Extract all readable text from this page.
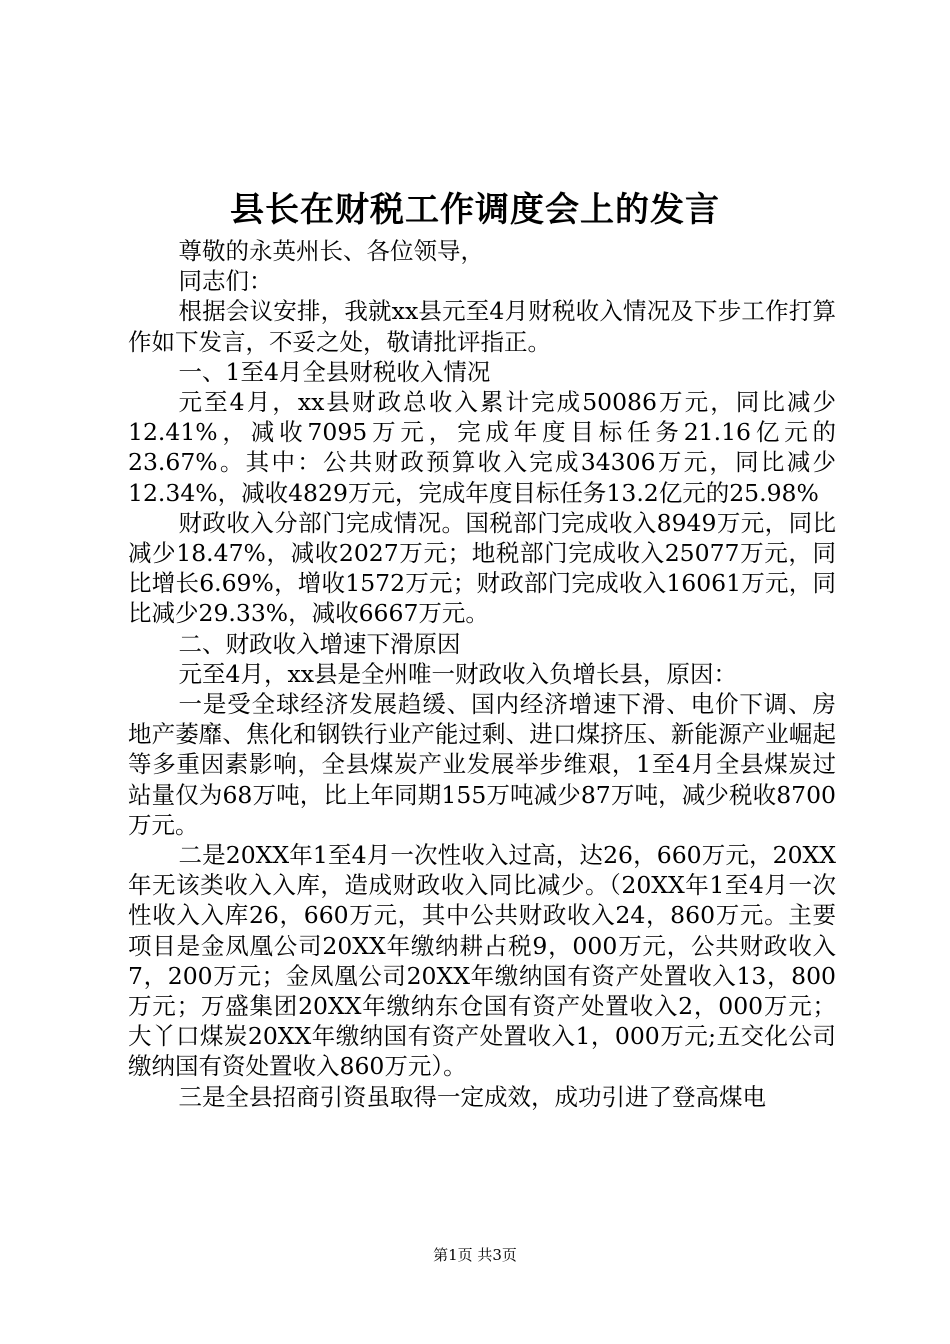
县长在财税工作调度会上的发言

尊敬的永英州长、各位领导，

同志们：

根据会议安排，我就xx县元至4月财税收入情况及下步工作打算作如下发言，不妥之处，敬请批评指正。

一、1至4月全县财税收入情况

元至4月，xx县财政总收入累计完成50086万元，同比减少12.41%，减收7095万元，完成年度目标任务21.16亿元的23.67%。其中：公共财政预算收入完成34306万元，同比减少12.34%，减收4829万元，完成年度目标任务13.2亿元的25.98%

财政收入分部门完成情况。国税部门完成收入8949万元，同比减少18.47%，减收2027万元；地税部门完成收入25077万元，同比增长6.69%，增收1572万元；财政部门完成收入16061万元，同比减少29.33%，减收6667万元。

二、财政收入增速下滑原因

元至4月，xx县是全州唯一财政收入负增长县，原因：

一是受全球经济发展趋缓、国内经济增速下滑、电价下调、房地产萎靡、焦化和钢铁行业产能过剩、进口煤挤压、新能源产业崛起等多重因素影响，全县煤炭产业发展举步维艰，1至4月全县煤炭过站量仅为68万吨，比上年同期155万吨减少87万吨，减少税收8700万元。

二是20XX年1至4月一次性收入过高，达26，660万元，20XX年无该类收入入库，造成财政收入同比减少。（20XX年1至4月一次性收入入库26，660万元，其中公共财政收入24，860万元。主要项目是金凤凰公司20XX年缴纳耕占税9，000万元，公共财政收入7，200万元；金凤凰公司20XX年缴纳国有资产处置收入13，800万元；万盛集团20XX年缴纳东仓国有资产处置收入2，000万元；大丫口煤炭20XX年缴纳国有资产处置收入1，000万元;五交化公司缴纳国有资处置收入860万元）。

三是全县招商引资虽取得一定成效，成功引进了登高煤电

第1页 共3页
